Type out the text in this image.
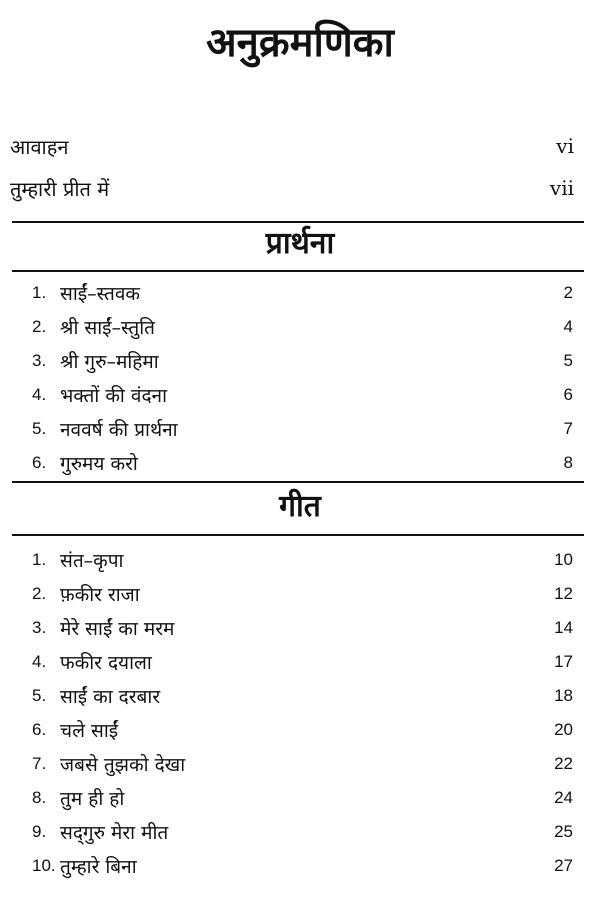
अनुक्रमणिका
आवाहन	vi
तुम्हारी प्रीत में	vii
प्रार्थना
1. साईं–स्तवक	2
2. श्री साईं–स्तुति	4
3. श्री गुरु–महिमा	5
4. भक्तों की वंदना	6
5. नववर्ष की प्रार्थना	7
6. गुरुमय करो	8
गीत
1. संत–कृपा	10
2. फ़कीर राजा	12
3. मेरे साईं का मरम	14
4. फकीर दयाला	17
5. साईं का दरबार	18
6. चले साईं	20
7. जबसे तुझको देखा	22
8. तुम ही हो	24
9. सद्‌गुरु मेरा मीत	25
10. तुम्हारे बिना	27
